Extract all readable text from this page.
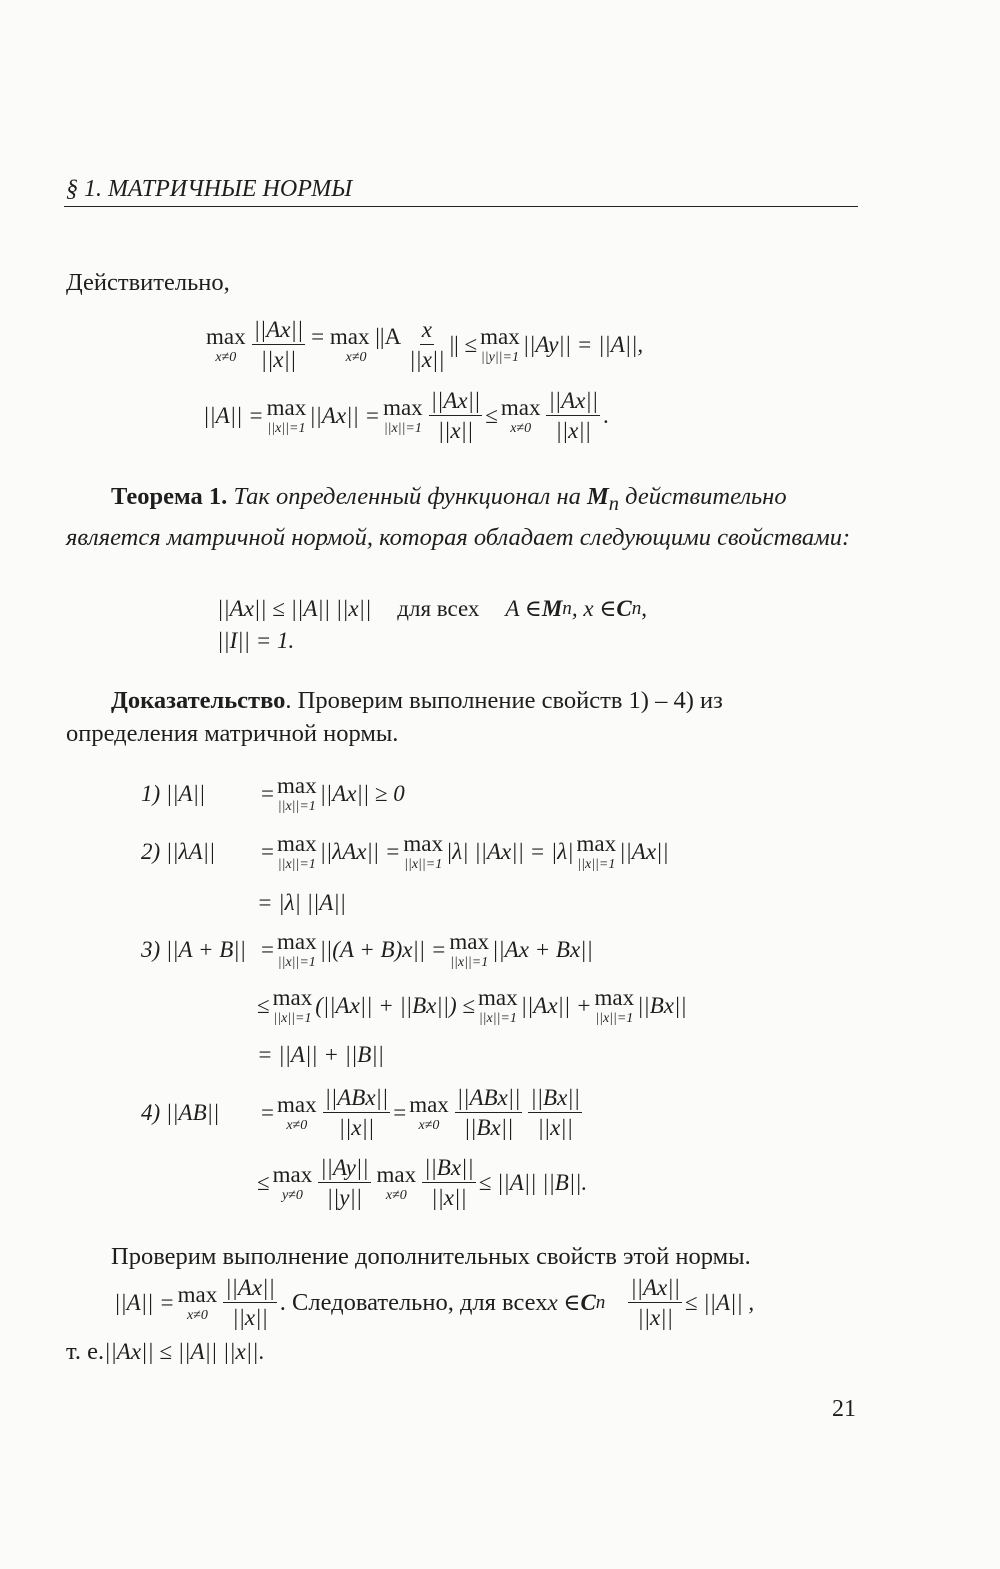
§ 1. МАТРИЧНЫЕ НОРМЫ
Действительно,
max
$x\ne 0 \frac{||Ax||}{||x||} = \max ||A$
$x\ne 0 \frac{x}{||x||}$ || ≤ max
||y||=1
||Ay|| = ||A||,
||A|| = max
||x||=1
||Ax|| = max
$||x||=1 \frac{||Ax||}{||x||} \le \max$
$x\ne 0 \frac{||Ax||}{||x||}$ .
Теорема 1. Так определенный функционал на $M_n$ действительно является матричной нормой, которая обладает следующими свойствами:
||Ax|| ≤ ||A|| ||x|| для всех A ∈ M n , x ∈ C n ,
||I|| = 1.
Доказательство. Проверим выполнение свойств 1) – 4) из определения матричной нормы.
1) ||A||	= max
||x||=1
||Ax|| ≥ 0
2) ||λA||	= max
||x||=1
||λAx|| = max
||x||=1
|λ| ||Ax|| = |λ| max
||x||=1
||Ax||
= |λ| ||A||
3) ||A + B|| = max
||x||=1
||(A + B)x|| = max
||x||=1
||Ax + Bx||
≤ max
||x||=1
(||Ax|| + ||Bx||) ≤ max
||x||=1
||Ax|| + max
||x||=1
||Bx||
= ||A|| + ||B||
4) ||AB||	= max
$x\ne 0 \frac{\text{||ABx||}}{||x||} = \max$
$x\ne 0 \frac{\text{||ABx||}}{||Bx||} \frac{||Bx||}{||x||}$
≤ max
$y\ne 0 \frac{||Ay||}{||y||}$ max
$x\ne 0 \frac{||Bx||}{||x||} \le ||A||$ ||B||.
Проверим выполнение дополнительных свойств этой нормы.
||A|| = max
$x\ne 0 \frac{||Ax||}{||x||}$ . Следовательно, для всех x ∈ C n $\frac{||Ax||}{||x||} \le ||A||$ ,
т. е. ||Ax|| ≤ ||A|| ||x|| .
21
